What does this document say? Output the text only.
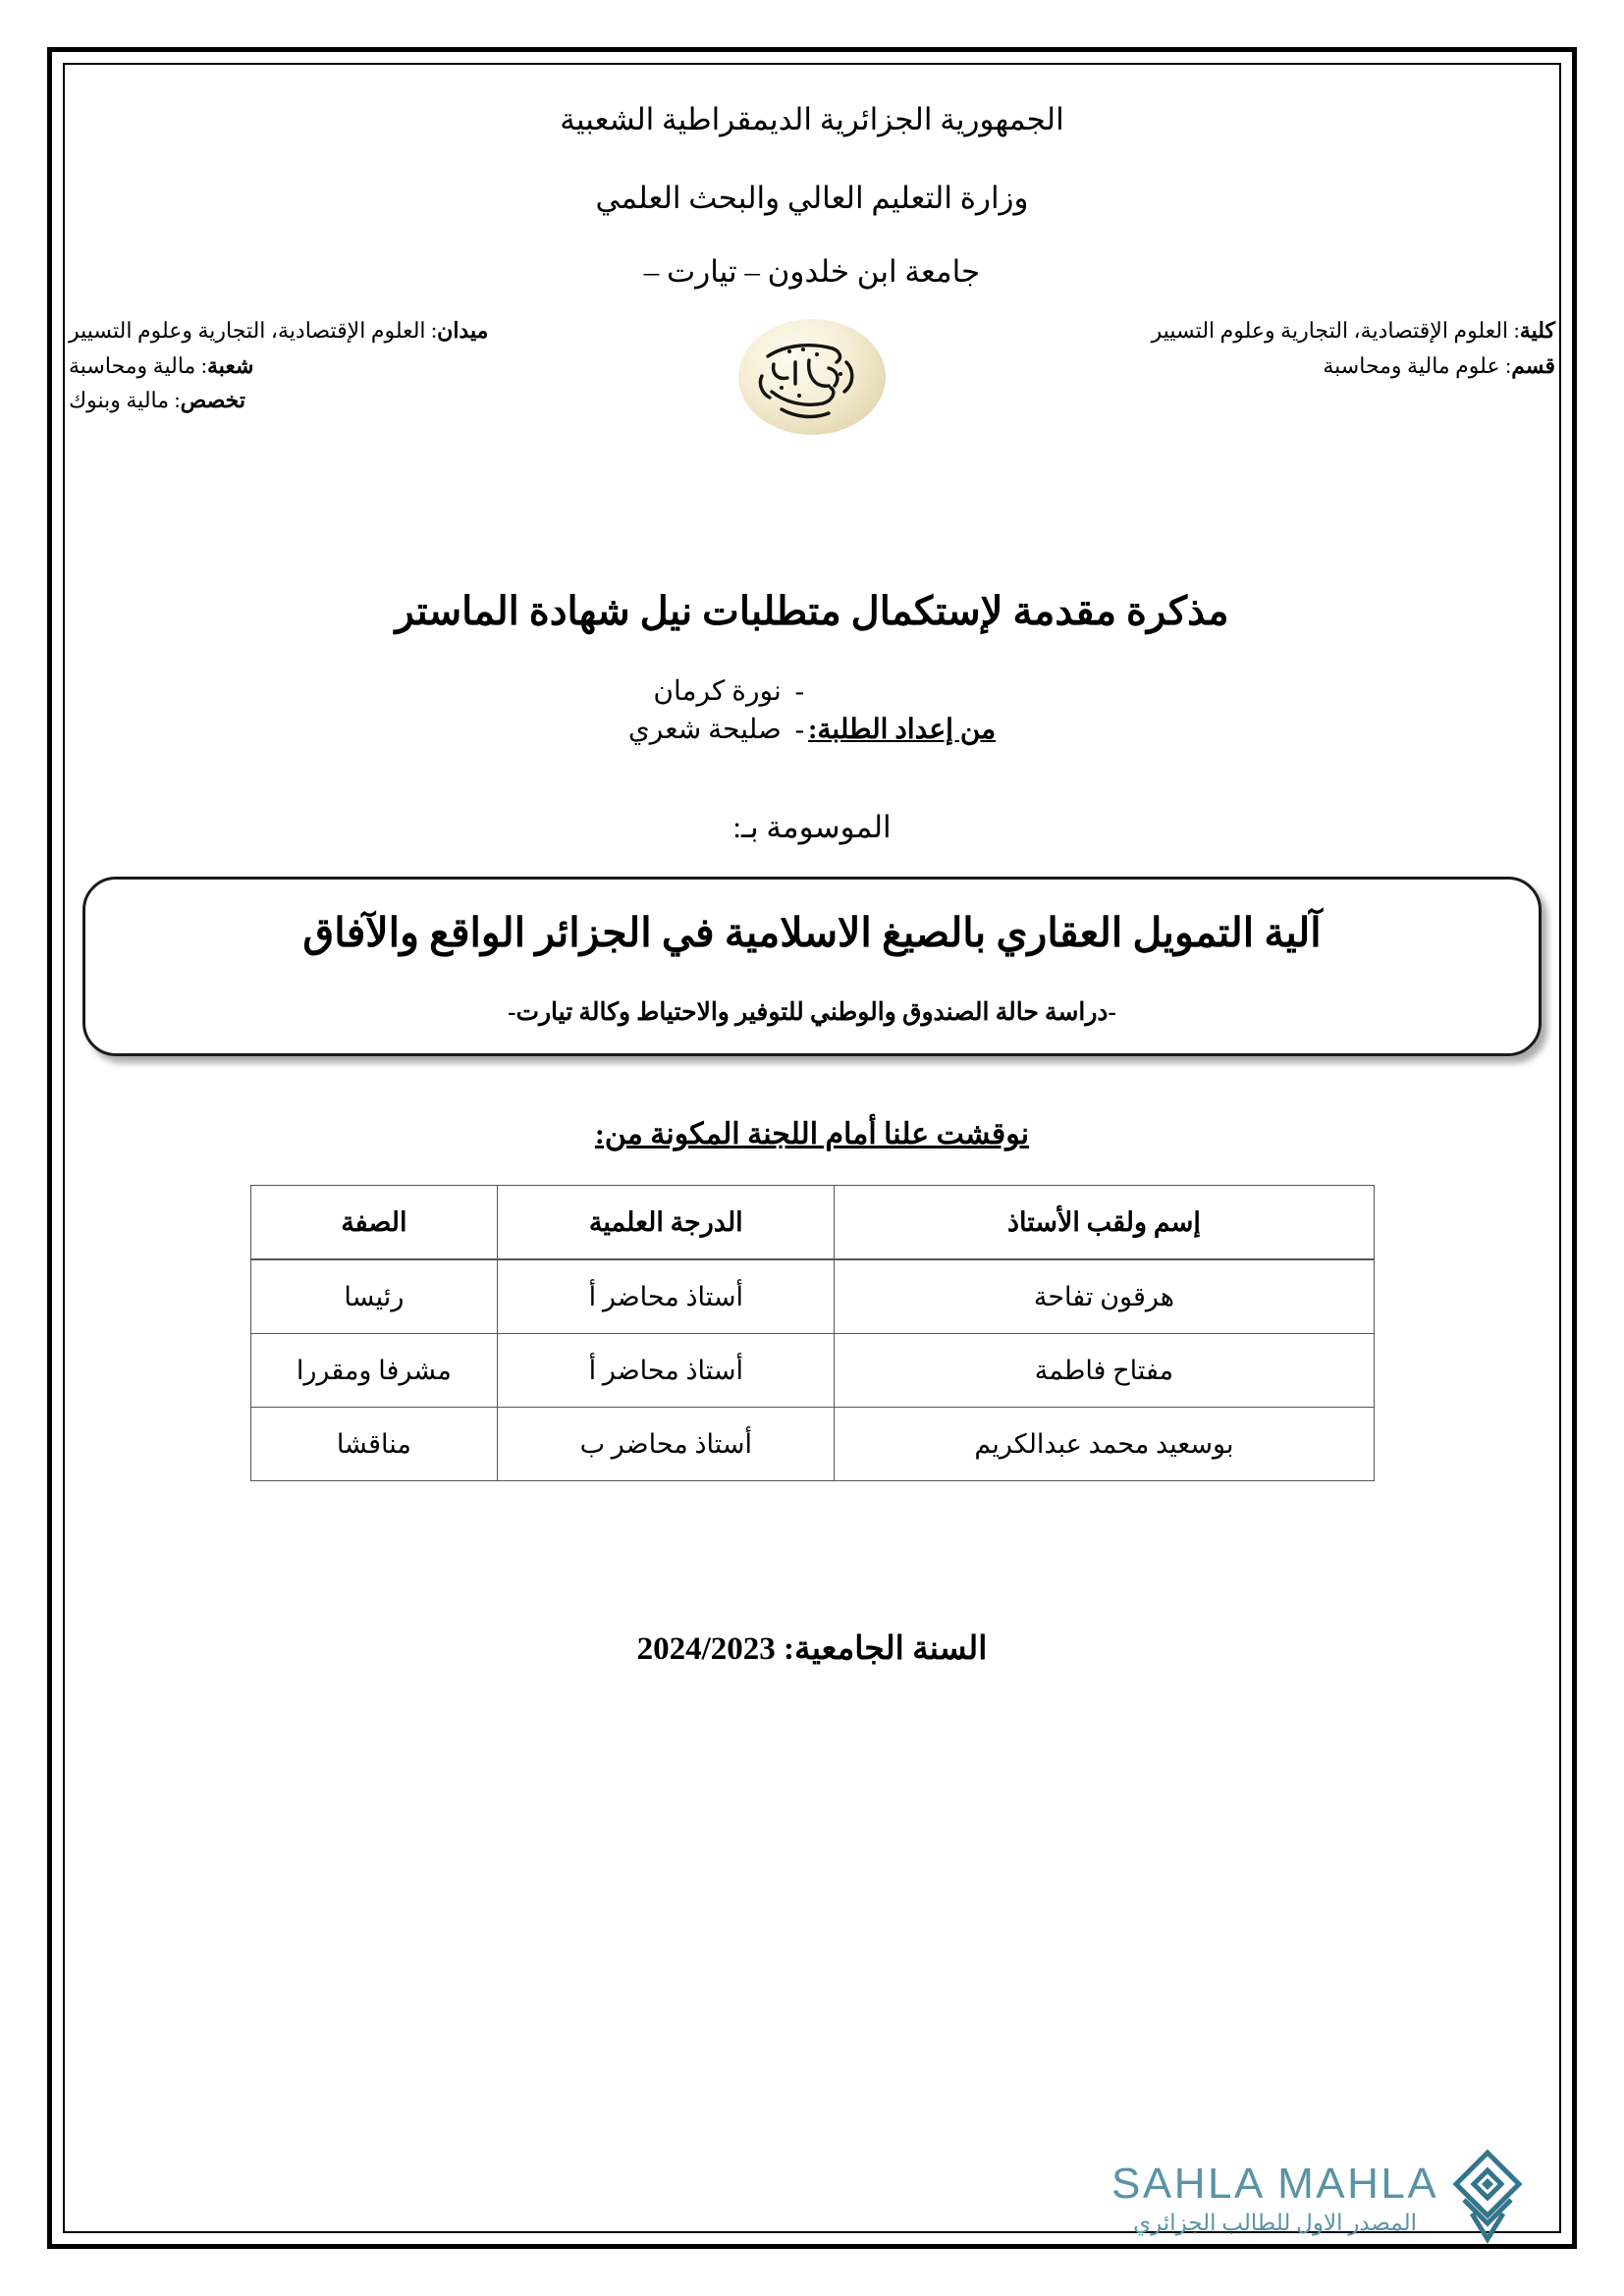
الجمهورية الجزائرية الديمقراطية الشعبية
وزارة التعليم العالي والبحث العلمي
جامعة ابن خلدون – تيارت –
كلية: العلوم الإقتصادية، التجارية وعلوم التسيير
قسم: علوم مالية ومحاسبة
ميدان: العلوم الإقتصادية، التجارية وعلوم التسيير
شعبة: مالية ومحاسبة
تخصص: مالية وبنوك
مذكرة مقدمة لإستكمال متطلبات نيل شهادة الماستر
من إعداد الطلبة:
-نورة كرمان
-صليحة شعري
الموسومة بـ:
آلية التمويل العقاري بالصيغ الاسلامية في الجزائر الواقع والآفاق
-دراسة حالة الصندوق والوطني للتوفير والاحتياط وكالة تيارت-
نوقشت علنا أمام اللجنة المكونة من:
إسم ولقب الأستاذ	الدرجة العلمية	الصفة
هرقون تفاحة	أستاذ محاضر أ	رئيسا
مفتاح فاطمة	أستاذ محاضر أ	مشرفا ومقررا
بوسعيد محمد عبدالكريم	أستاذ محاضر ب	مناقشا
السنة الجامعية: 2024/2023
SAHLA MAHLA
المصدر الاول للطالب الجزائري
